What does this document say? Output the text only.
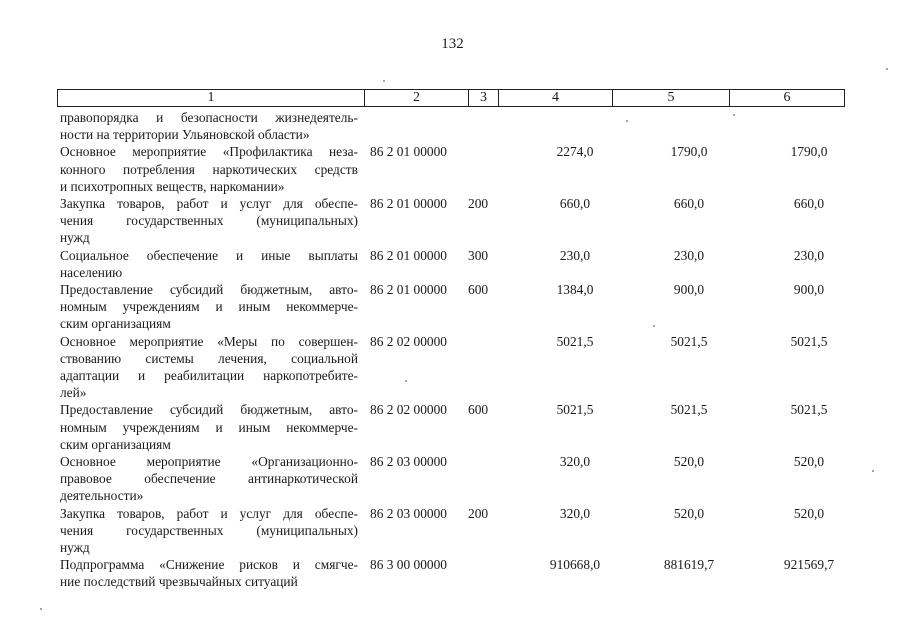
132
1	2	3	4	5	6
правопорядка и безопасности жизнедеятель-
ности на территории Ульяновской области»
Основное мероприятие «Профилактика неза-
конного потребления наркотических средств
и психотропных веществ, наркомании»
86 2 01 00000	2274,0	1790,0	1790,0
Закупка товаров, работ и услуг для обеспе-
чения государственных (муниципальных)
нужд
86 2 01 00000 200	660,0	660,0	660,0
Социальное обеспечение и иные выплаты
населению
86 2 01 00000 300	230,0	230,0	230,0
Предоставление субсидий бюджетным, авто-
номным учреждениям и иным некоммерче-
ским организациям
86 2 01 00000 600	1384,0	900,0	900,0
Основное мероприятие «Меры по совершен-
ствованию системы лечения, социальной
адаптации и реабилитации наркопотребите-
лей»
86 2 02 00000	5021,5	5021,5	5021,5
Предоставление субсидий бюджетным, авто-
номным учреждениям и иным некоммерче-
ским организациям
86 2 02 00000 600	5021,5	5021,5	5021,5
Основное мероприятие «Организационно-
правовое обеспечение антинаркотической
деятельности»
86 2 03 00000	320,0	520,0	520,0
Закупка товаров, работ и услуг для обеспе-
чения государственных (муниципальных)
нужд
86 2 03 00000 200	320,0	520,0	520,0
Подпрограмма «Снижение рисков и смягче-
ние последствий чрезвычайных ситуаций
86 3 00 00000	910668,0	881619,7	921569,7
